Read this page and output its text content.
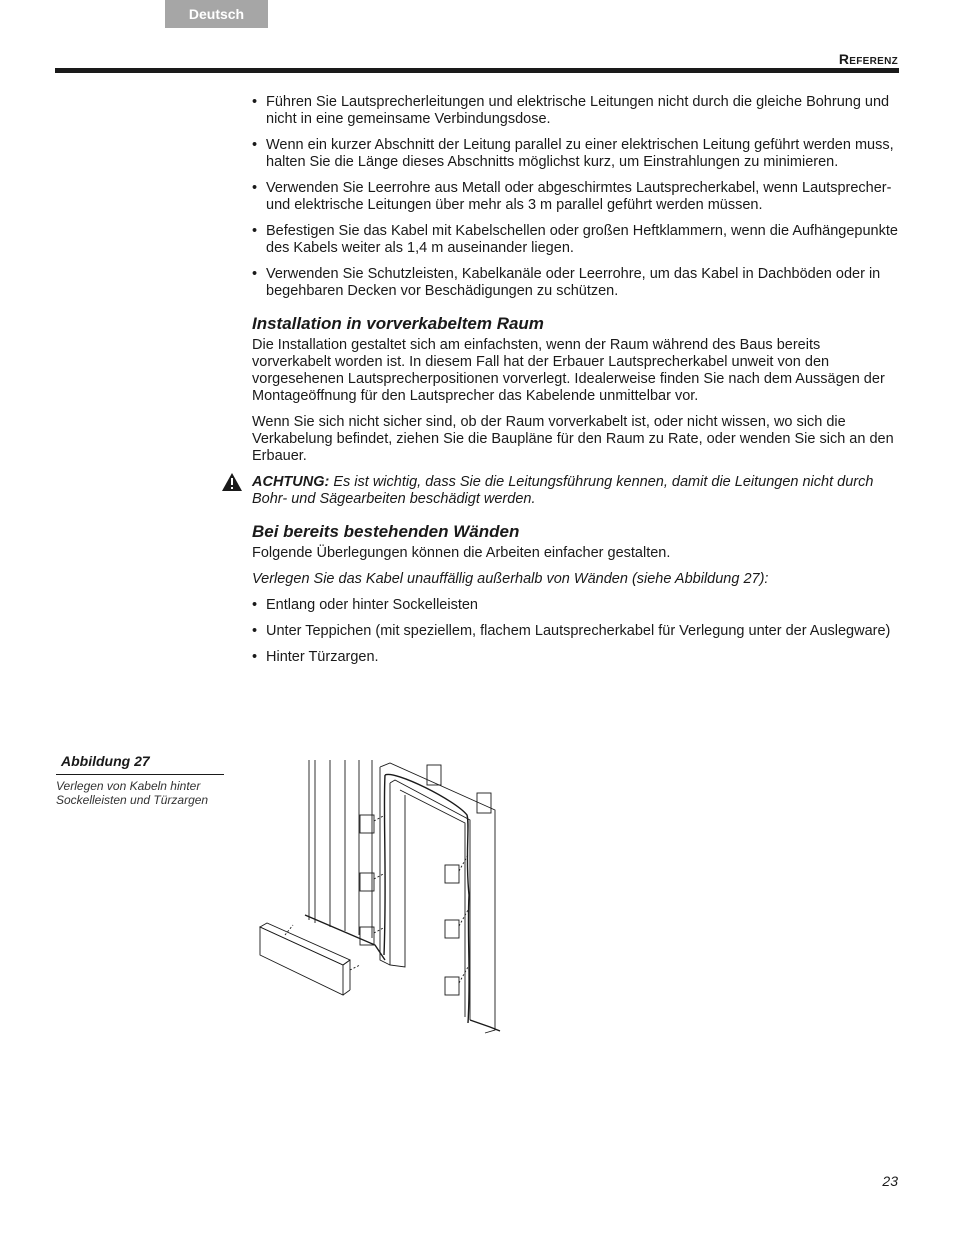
Deutsch
Referenz
• Führen Sie Lautsprecherleitungen und elektrische Leitungen nicht durch die gleiche Bohrung und nicht in eine gemeinsame Verbindungsdose.
• Wenn ein kurzer Abschnitt der Leitung parallel zu einer elektrischen Leitung geführt werden muss, halten Sie die Länge dieses Abschnitts möglichst kurz, um Einstrahlungen zu minimieren.
• Verwenden Sie Leerrohre aus Metall oder abgeschirmtes Lautsprecherkabel, wenn Lautsprecher- und elektrische Leitungen über mehr als 3 m parallel geführt werden müssen.
• Befestigen Sie das Kabel mit Kabelschellen oder großen Heftklammern, wenn die Aufhängepunkte des Kabels weiter als 1,4 m auseinander liegen.
• Verwenden Sie Schutzleisten, Kabelkanäle oder Leerrohre, um das Kabel in Dachböden oder in begehbaren Decken vor Beschädigungen zu schützen.
Installation in vorverkabeltem Raum

Die Installation gestaltet sich am einfachsten, wenn der Raum während des Baus bereits vorverkabelt worden ist. In diesem Fall hat der Erbauer Lautsprecherkabel unweit von den vorgesehenen Lautsprecherpositionen vorverlegt. Idealerweise finden Sie nach dem Aussägen der Montageöffnung für den Lautsprecher das Kabelende unmittelbar vor.

Wenn Sie sich nicht sicher sind, ob der Raum vorverkabelt ist, oder nicht wissen, wo sich die Verkabelung befindet, ziehen Sie die Baupläne für den Raum zu Rate, oder wenden Sie sich an den Erbauer.

ACHTUNG: Es ist wichtig, dass Sie die Leitungsführung kennen, damit die Leitungen nicht durch Bohr- und Sägearbeiten beschädigt werden.
Bei bereits bestehenden Wänden

Folgende Überlegungen können die Arbeiten einfacher gestalten.

Verlegen Sie das Kabel unauffällig außerhalb von Wänden (siehe Abbildung 27):

• Entlang oder hinter Sockelleisten
• Unter Teppichen (mit speziellem, flachem Lautsprecherkabel für Verlegung unter der Auslegware)
• Hinter Türzargen.
Abbildung 27
Verlegen von Kabeln hinter Sockelleisten und Türzargen
23
